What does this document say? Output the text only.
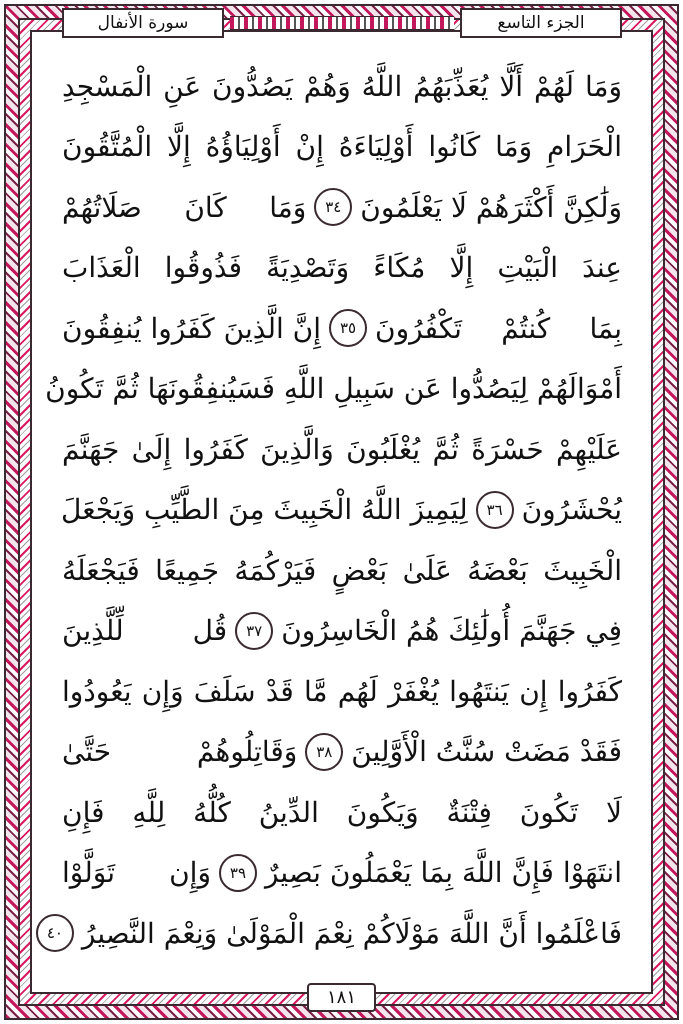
سورة الأنفال	الجزء التاسع
وَمَا لَهُمْ أَلَّا يُعَذِّبَهُمُ اللَّهُ وَهُمْ يَصُدُّونَ عَنِ الْمَسْجِدِ
الْحَرَامِ وَمَا كَانُوا أَوْلِيَاءَهُ إِنْ أَوْلِيَاؤُهُ إِلَّا الْمُتَّقُونَ
وَلَٰكِنَّ أَكْثَرَهُمْ لَا يَعْلَمُونَ
٣٤
وَمَا كَانَ صَلَاتُهُمْ
عِندَ الْبَيْتِ إِلَّا مُكَاءً وَتَصْدِيَةً فَذُوقُوا الْعَذَابَ
بِمَا كُنتُمْ تَكْفُرُونَ
٣٥
إِنَّ الَّذِينَ كَفَرُوا يُنفِقُونَ
أَمْوَالَهُمْ لِيَصُدُّوا عَن سَبِيلِ اللَّهِ فَسَيُنفِقُونَهَا ثُمَّ تَكُونُ
عَلَيْهِمْ حَسْرَةً ثُمَّ يُغْلَبُونَ وَالَّذِينَ كَفَرُوا إِلَىٰ جَهَنَّمَ
يُحْشَرُونَ
٣٦
لِيَمِيزَ اللَّهُ الْخَبِيثَ مِنَ الطَّيِّبِ وَيَجْعَلَ
الْخَبِيثَ بَعْضَهُ عَلَىٰ بَعْضٍ فَيَرْكُمَهُ جَمِيعًا فَيَجْعَلَهُ
فِي جَهَنَّمَ أُولَٰئِكَ هُمُ الْخَاسِرُونَ
٣٧
قُل لِّلَّذِينَ
كَفَرُوا إِن يَنتَهُوا يُغْفَرْ لَهُم مَّا قَدْ سَلَفَ وَإِن يَعُودُوا
فَقَدْ مَضَتْ سُنَّتُ الْأَوَّلِينَ
٣٨
وَقَاتِلُوهُمْ حَتَّىٰ
لَا تَكُونَ فِتْنَةٌ وَيَكُونَ الدِّينُ كُلُّهُ لِلَّهِ فَإِنِ
انتَهَوْا فَإِنَّ اللَّهَ بِمَا يَعْمَلُونَ بَصِيرٌ
٣٩
وَإِن تَوَلَّوْا
فَاعْلَمُوا أَنَّ اللَّهَ مَوْلَاكُمْ نِعْمَ الْمَوْلَىٰ وَنِعْمَ النَّصِيرُ
٤٠
١٨١
